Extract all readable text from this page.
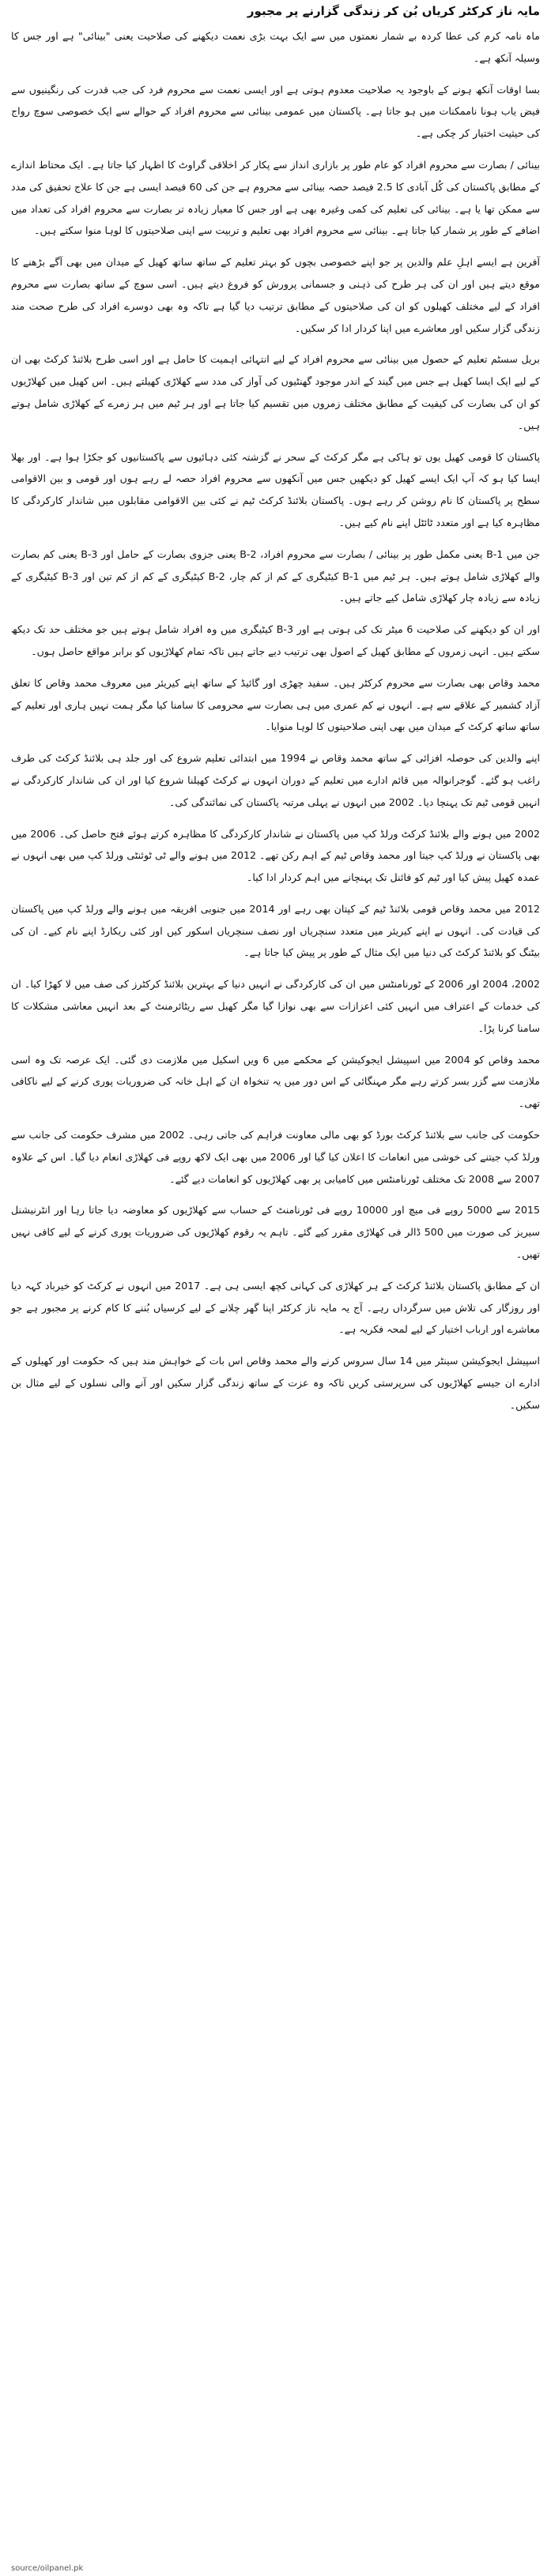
مایہ ناز کرکٹر کریاں بُن کر زندگی گزارنے پر مجبور

ماہ نامہ کرم کی عطا کردہ بے شمار نعمتوں میں سے ایک بہت بڑی نعمت دیکھنے کی صلاحیت یعنی "بینائی" ہے اور جس کا وسیلہ آنکھ ہے۔

بسا اوقات آنکھ ہونے کے باوجود یہ صلاحیت معدوم ہوتی ہے اور ایسی نعمت سے محروم فرد کی جب قدرت کی رنگینیوں سے فیض یاب ہونا ناممکنات میں ہو جاتا ہے۔ پاکستان میں عمومی بینائی سے محروم افراد کے حوالے سے ایک خصوصی سوچ رواج کی حیثیت اختیار کر چکی ہے۔

بینائی / بصارت سے محروم افراد کو عام طور پر بازاری انداز سے پکار کر اخلاقی گراوٹ کا اظہار کیا جاتا ہے۔ ایک محتاط اندازے کے مطابق پاکستان کی کُل آبادی کا 2.5 فیصد حصہ بینائی سے محروم ہے جن کی 60 فیصد ایسی ہے جن کا علاج تحقیق کی مدد سے ممکن تھا یا ہے۔ بینائی کی تعلیم کی کمی وغیرہ بھی ہے اور جس کا معیار زیادہ تر بصارت سے محروم افراد کی تعداد میں اضافے کے طور پر شمار کیا جاتا ہے۔ بینائی سے محروم افراد بھی تعلیم و تربیت سے اپنی صلاحیتوں کا لوہا منوا سکتے ہیں۔

آفرین ہے ایسے اہلِ علم والدین پر جو اپنے خصوصی بچوں کو بہتر تعلیم کے ساتھ ساتھ کھیل کے میدان میں بھی آگے بڑھنے کا موقع دیتے ہیں اور ان کی ہر طرح کی ذہنی و جسمانی پرورش کو فروغ دیتے ہیں۔ اسی سوچ کے ساتھ بصارت سے محروم افراد کے لیے مختلف کھیلوں کو ان کی صلاحیتوں کے مطابق ترتیب دیا گیا ہے تاکہ وہ بھی دوسرے افراد کی طرح صحت مند زندگی گزار سکیں اور معاشرے میں اپنا کردار ادا کر سکیں۔

بریل سسٹم تعلیم کے حصول میں بینائی سے محروم افراد کے لیے انتہائی اہمیت کا حامل ہے اور اسی طرح بلائنڈ کرکٹ بھی ان کے لیے ایک ایسا کھیل ہے جس میں گیند کے اندر موجود گھنٹیوں کی آواز کی مدد سے کھلاڑی کھیلتے ہیں۔ اس کھیل میں کھلاڑیوں کو ان کی بصارت کی کیفیت کے مطابق مختلف زمروں میں تقسیم کیا جاتا ہے اور ہر ٹیم میں ہر زمرے کے کھلاڑی شامل ہوتے ہیں۔

پاکستان کا قومی کھیل یوں تو ہاکی ہے مگر کرکٹ کے سحر نے گزشتہ کئی دہائیوں سے پاکستانیوں کو جکڑا ہوا ہے۔ اور بھلا ایسا کیا ہو کہ آپ ایک ایسے کھیل کو دیکھیں جس میں آنکھوں سے محروم افراد حصہ لے رہے ہوں اور قومی و بین الاقوامی سطح پر پاکستان کا نام روشن کر رہے ہوں۔ پاکستان بلائنڈ کرکٹ ٹیم نے کئی بین الاقوامی مقابلوں میں شاندار کارکردگی کا مظاہرہ کیا ہے اور متعدد ٹائٹل اپنے نام کیے ہیں۔

جن میں B-1 یعنی مکمل طور پر بینائی / بصارت سے محروم افراد، B-2 یعنی جزوی بصارت کے حامل اور B-3 یعنی کم بصارت والے کھلاڑی شامل ہوتے ہیں۔ ہر ٹیم میں B-1 کیٹیگری کے کم از کم چار، B-2 کیٹیگری کے کم از کم تین اور B-3 کیٹیگری کے زیادہ سے زیادہ چار کھلاڑی شامل کیے جاتے ہیں۔

اور ان کو دیکھنے کی صلاحیت 6 میٹر تک کی ہوتی ہے اور B-3 کیٹیگری میں وہ افراد شامل ہوتے ہیں جو مختلف حد تک دیکھ سکتے ہیں۔ انہی زمروں کے مطابق کھیل کے اصول بھی ترتیب دیے جاتے ہیں تاکہ تمام کھلاڑیوں کو برابر مواقع حاصل ہوں۔

محمد وقاص بھی بصارت سے محروم کرکٹر ہیں۔ سفید چھڑی اور گائیڈ کے ساتھ اپنے کیریئر میں معروف محمد وقاص کا تعلق آزاد کشمیر کے علاقے سے ہے۔ انہوں نے کم عمری میں ہی بصارت سے محرومی کا سامنا کیا مگر ہمت نہیں ہاری اور تعلیم کے ساتھ ساتھ کرکٹ کے میدان میں بھی اپنی صلاحیتوں کا لوہا منوایا۔

اپنے والدین کی حوصلہ افزائی کے ساتھ محمد وقاص نے 1994 میں ابتدائی تعلیم شروع کی اور جلد ہی بلائنڈ کرکٹ کی طرف راغب ہو گئے۔ گوجرانوالہ میں قائم ادارے میں تعلیم کے دوران انہوں نے کرکٹ کھیلنا شروع کیا اور ان کی شاندار کارکردگی نے انہیں قومی ٹیم تک پہنچا دیا۔ 2002 میں انہوں نے پہلی مرتبہ پاکستان کی نمائندگی کی۔

2002 میں ہونے والے بلائنڈ کرکٹ ورلڈ کپ میں پاکستان نے شاندار کارکردگی کا مظاہرہ کرتے ہوئے فتح حاصل کی۔ 2006 میں بھی پاکستان نے ورلڈ کپ جیتا اور محمد وقاص ٹیم کے اہم رکن تھے۔ 2012 میں ہونے والے ٹی ٹوئنٹی ورلڈ کپ میں بھی انہوں نے عمدہ کھیل پیش کیا اور ٹیم کو فائنل تک پہنچانے میں اہم کردار ادا کیا۔

2012 میں محمد وقاص قومی بلائنڈ ٹیم کے کپتان بھی رہے اور 2014 میں جنوبی افریقہ میں ہونے والے ورلڈ کپ میں پاکستان کی قیادت کی۔ انہوں نے اپنے کیریئر میں متعدد سنچریاں اور نصف سنچریاں اسکور کیں اور کئی ریکارڈ اپنے نام کیے۔ ان کی بیٹنگ کو بلائنڈ کرکٹ کی دنیا میں ایک مثال کے طور پر پیش کیا جاتا ہے۔

2002، 2004 اور 2006 کے ٹورنامنٹس میں ان کی کارکردگی نے انہیں دنیا کے بہترین بلائنڈ کرکٹرز کی صف میں لا کھڑا کیا۔ ان کی خدمات کے اعتراف میں انہیں کئی اعزازات سے بھی نوازا گیا مگر کھیل سے ریٹائرمنٹ کے بعد انہیں معاشی مشکلات کا سامنا کرنا پڑا۔

محمد وقاص کو 2004 میں اسپیشل ایجوکیشن کے محکمے میں 6 ویں اسکیل میں ملازمت دی گئی۔ ایک عرصہ تک وہ اسی ملازمت سے گزر بسر کرتے رہے مگر مہنگائی کے اس دور میں یہ تنخواہ ان کے اہل خانہ کی ضروریات پوری کرنے کے لیے ناکافی تھی۔

حکومت کی جانب سے بلائنڈ کرکٹ بورڈ کو بھی مالی معاونت فراہم کی جاتی رہی۔ 2002 میں مشرف حکومت کی جانب سے ورلڈ کپ جیتنے کی خوشی میں انعامات کا اعلان کیا گیا اور 2006 میں بھی ایک لاکھ روپے فی کھلاڑی انعام دیا گیا۔ اس کے علاوہ 2007 سے 2008 تک مختلف ٹورنامنٹس میں کامیابی پر بھی کھلاڑیوں کو انعامات دیے گئے۔

2015 سے 5000 روپے فی میچ اور 10000 روپے فی ٹورنامنٹ کے حساب سے کھلاڑیوں کو معاوضہ دیا جاتا رہا اور انٹرنیشنل سیریز کی صورت میں 500 ڈالر فی کھلاڑی مقرر کیے گئے۔ تاہم یہ رقوم کھلاڑیوں کی ضروریات پوری کرنے کے لیے کافی نہیں تھیں۔

ان کے مطابق پاکستان بلائنڈ کرکٹ کے ہر کھلاڑی کی کہانی کچھ ایسی ہی ہے۔ 2017 میں انہوں نے کرکٹ کو خیرباد کہہ دیا اور روزگار کی تلاش میں سرگرداں رہے۔ آج یہ مایہ ناز کرکٹر اپنا گھر چلانے کے لیے کرسیاں بُننے کا کام کرنے پر مجبور ہے جو معاشرے اور ارباب اختیار کے لیے لمحہ فکریہ ہے۔

اسپیشل ایجوکیشن سینٹر میں 14 سال سروس کرنے والے محمد وقاص اس بات کے خواہش مند ہیں کہ حکومت اور کھیلوں کے ادارے ان جیسے کھلاڑیوں کی سرپرستی کریں تاکہ وہ عزت کے ساتھ زندگی گزار سکیں اور آنے والی نسلوں کے لیے مثال بن سکیں۔

source/oilpanel.pk
